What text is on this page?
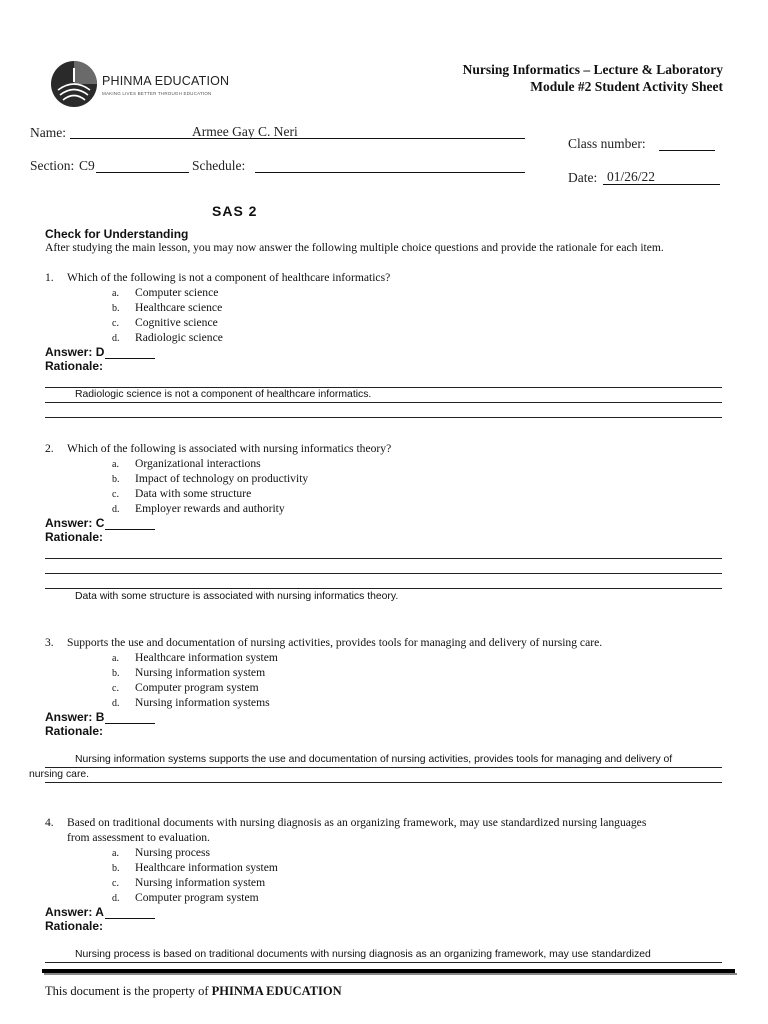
PHINMA EDUCATION
MAKING LIVES BETTER THROUGH EDUCATION
Nursing Informatics – Lecture & Laboratory
Module #2 Student Activity Sheet
Name:	Armee Gay C. Neri
Section: C9	Schedule:
Class number:
Date: 01/26/22
SAS 2
Check for Understanding
After studying the main lesson, you may now answer the following multiple choice questions and provide the rationale for each item.
1. Which of the following is not a component of healthcare informatics?
a. Computer science
b. Healthcare science
c. Cognitive science
d. Radiologic science
Answer: D
Rationale:
Radiologic science is not a component of healthcare informatics.
2. Which of the following is associated with nursing informatics theory?
a. Organizational interactions
b. Impact of technology on productivity
c. Data with some structure
d. Employer rewards and authority
Answer: C
Rationale:
Data with some structure is associated with nursing informatics theory.
3. Supports the use and documentation of nursing activities, provides tools for managing and delivery of nursing care.
a. Healthcare information system
b. Nursing information system
c. Computer program system
d. Nursing information systems
Answer: B
Rationale:
Nursing information systems supports the use and documentation of nursing activities, provides tools for managing and delivery of
nursing care.
4. Based on traditional documents with nursing diagnosis as an organizing framework, may use standardized nursing languages
from assessment to evaluation.
a. Nursing process
b. Healthcare information system
c. Nursing information system
d. Computer program system
Answer: A
Rationale:
Nursing process is based on traditional documents with nursing diagnosis as an organizing framework, may use standardized
This document is the property of PHINMA EDUCATION
